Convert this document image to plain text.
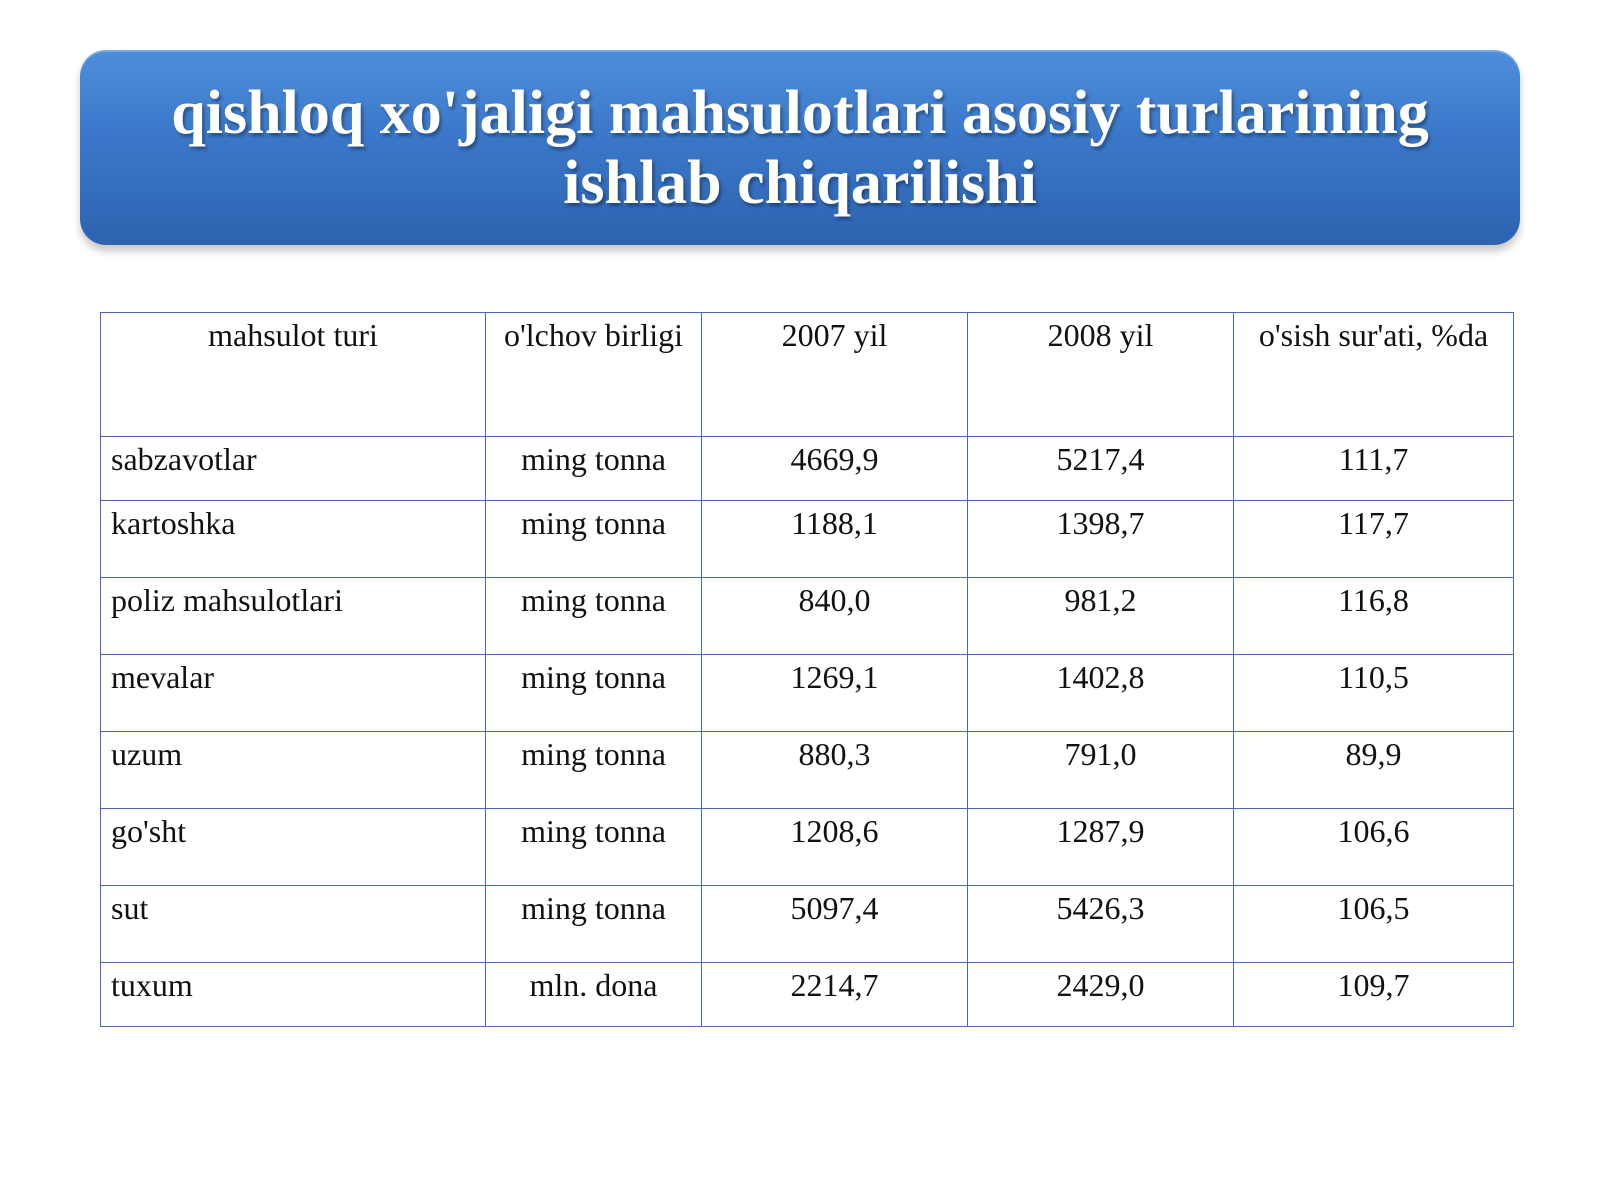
qishloq xo'jaligi mahsulotlari asosiy turlarining ishlab chiqarilishi
mahsulot turi	o'lchov birligi	2007 yil	2008 yil	o'sish sur'ati, %da
sabzavotlar	ming tonna	4669,9	5217,4	111,7
kartoshka	ming tonna	1188,1	1398,7	117,7
poliz mahsulotlari	ming tonna	840,0	981,2	116,8
mevalar	ming tonna	1269,1	1402,8	110,5
uzum	ming tonna	880,3	791,0	89,9
go'sht	ming tonna	1208,6	1287,9	106,6
sut	ming tonna	5097,4	5426,3	106,5
tuxum	mln. dona	2214,7	2429,0	109,7
